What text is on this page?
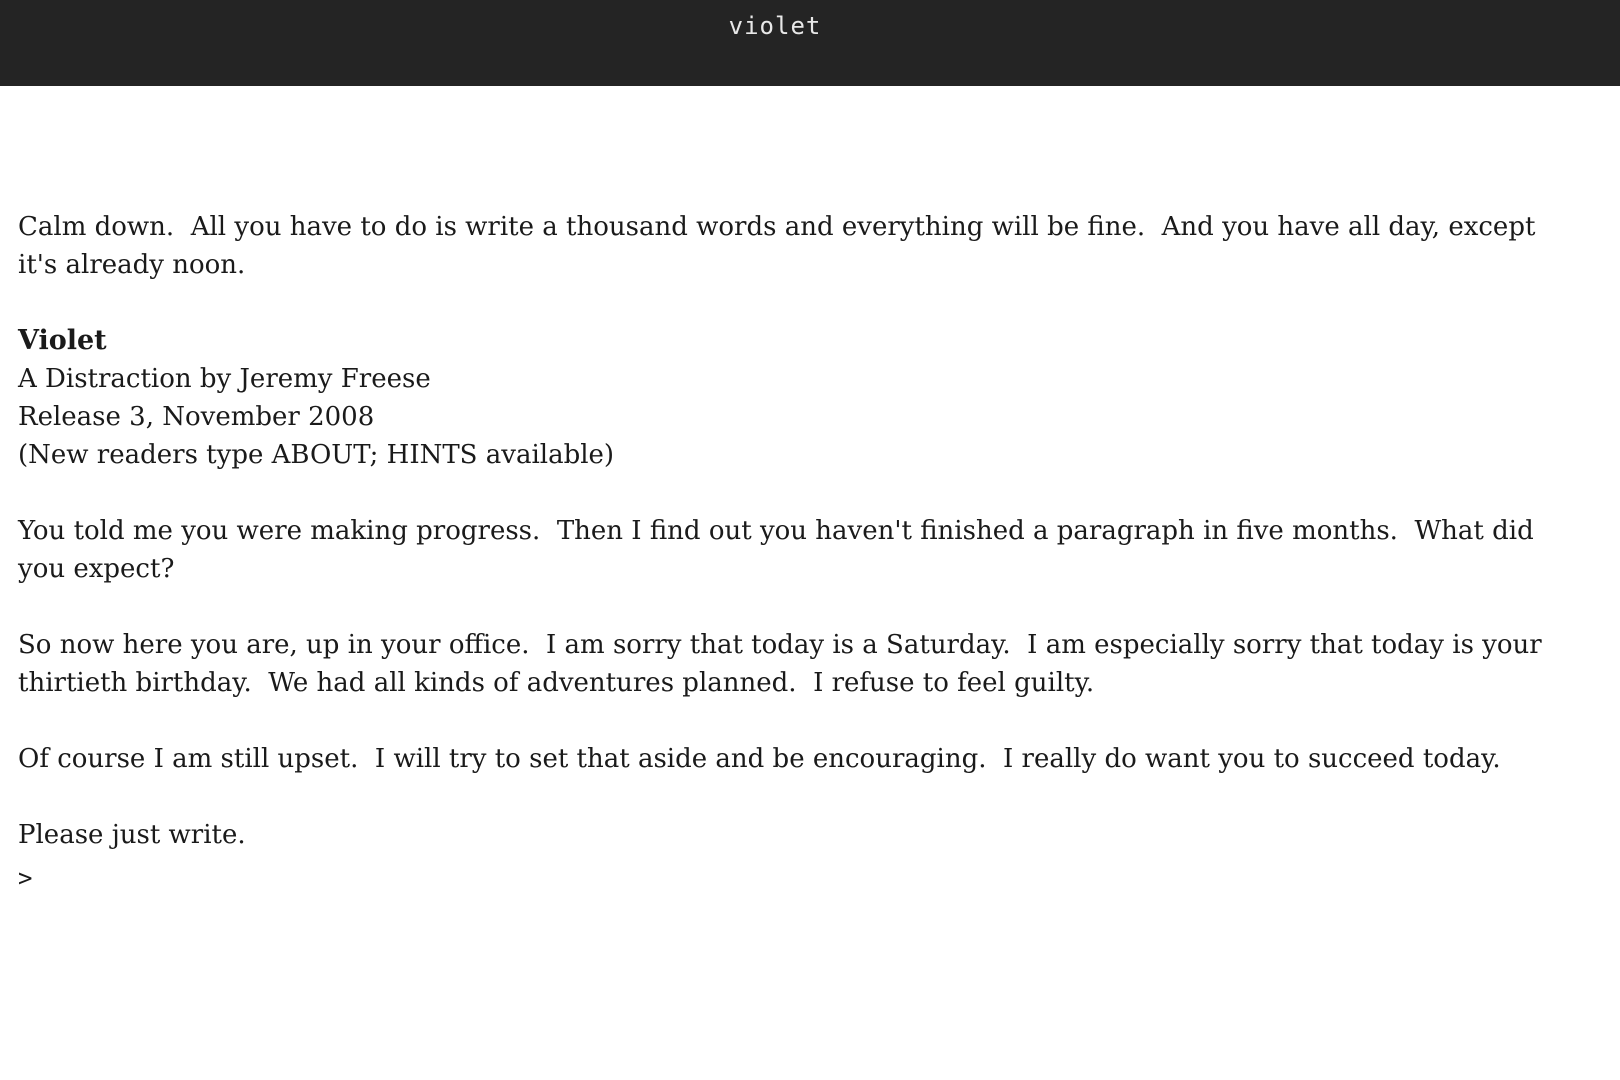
violet

Calm down.  All you have to do is write a thousand words and everything will be fine.  And you have all day, except it's already noon.

Violet
A Distraction by Jeremy Freese
Release 3, November 2008
(New readers type ABOUT; HINTS available)

You told me you were making progress.  Then I find out you haven't finished a paragraph in five months.  What did you expect?

So now here you are, up in your office.  I am sorry that today is a Saturday.  I am especially sorry that today is your thirtieth birthday.  We had all kinds of adventures planned.  I refuse to feel guilty.

Of course I am still upset.  I will try to set that aside and be encouraging.  I really do want you to succeed today.

Please just write.

>
